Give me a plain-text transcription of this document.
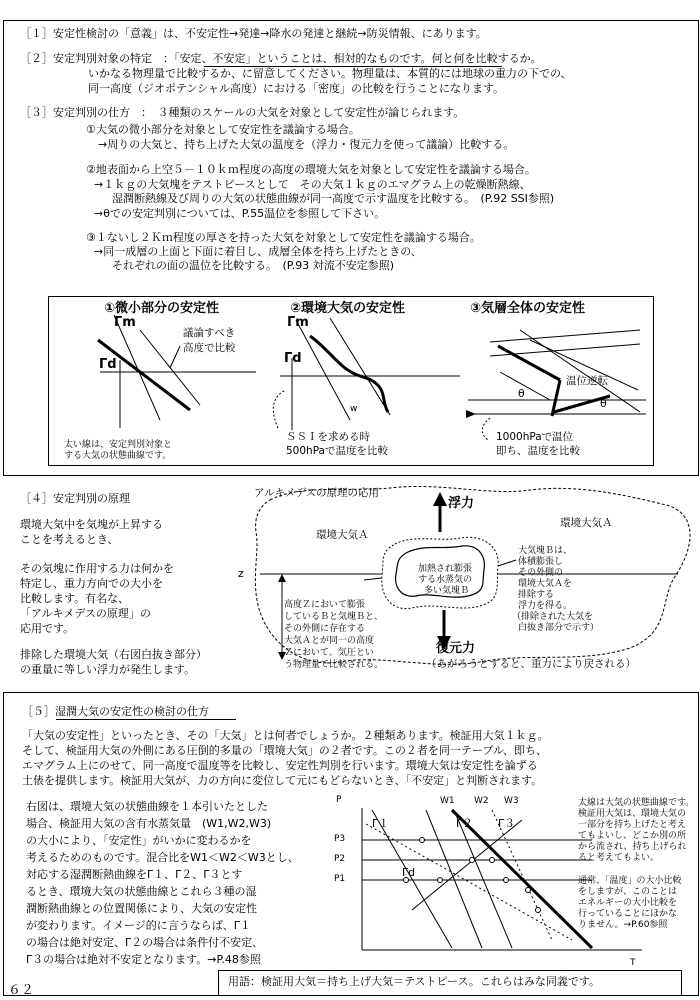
［１］安定性検討の「意義」は、不安定性→発達→降水の発達と継続→防災情報、にあります。
［２］安定判別対象の特定　：「安定、不安定」ということは、相対的なものです。何と何を比較するか。
いかなる物理量で比較するか、に留意してください。物理量は、本質的には地球の重力の下での、
同一高度（ジオポテンシャル高度）における「密度」の比較を行うことになります。
［３］安定判別の仕方　：　３種類のスケールの大気を対象として安定性が論じられます。
①大気の微小部分を対象として安定性を議論する場合。
→周りの大気と、持ち上げた大気の温度を（浮力・復元力を使って議論）比較する。
②地表面から上空５－１０ｋｍ程度の高度の環境大気を対象として安定性を議論する場合。
→１ｋｇの大気塊をテストピースとして　その大気１ｋｇのエマグラム上の乾燥断熱線、
湿潤断熱線及び周りの大気の状態曲線が同一高度で示す温度を比較する。　(P.92 SSI参照)
→θでの安定判別については、P.55温位を参照して下さい。
③１ないし２Ｋｍ程度の厚さを持った大気を対象として安定性を議論する場合。
→同一成層の上面と下面に着目し、成層全体を持ち上げたときの、
それぞれの面の温位を比較する。　(P.93 対流不安定参照)
①微小部分の安定性
Γm
Γd
議論すべき
高度で比較
太い線は、安定判別対象と
する大気の状態曲線です。
②環境大気の安定性
Γm
Γd
w
ＳＳＩを求める時
500hPaで温度を比較
③気層全体の安定性
温位逆転
θ
θ
1000hPaで温位
即ち、温度を比較
［４］安定判別の原理
環境大気中を気塊が上昇する
ことを考えるとき、
その気塊に作用する力は何かを
特定し、重力方向での大小を
比較します。有名な、
「アルキメデスの原理」の
応用です。
排除した環境大気（右図白抜き部分）
の重量に等しい浮力が発生します。
アルキメデスの原理の応用
浮力
環境大気Ａ
環境大気Ａ
z	加熱され膨張
する水蒸気の
多い気塊Ｂ
大気塊Ｂは、
体積膨張し
その外側の
環境大気Ａを
排除する
浮力を得る。
（排除された大気を
白抜き部分で示す）
高度Ｚにおいて膨張
しているＢと気塊Ｂと、
その外側に存在する
大気Ａとが同一の高度
Ｚにおいて、気圧とい
う物理量で比較される。
復元力
（あがろうとすると、重力により戻される）
［５］湿潤大気の安定性の検討の仕方
「大気の安定性」といったとき、その「大気」とは何者でしょうか。２種類あります。検証用大気１ｋｇ。
そして、検証用大気の外側にある圧倒的多量の「環境大気」の２者です。この２者を同一テーブル、即ち、
エマグラム上にのせて、同一高度で温度等を比較し、安定性判別を行います。環境大気は安定性を論ずる
土俵を提供します。検証用大気が、力の方向に変位して元にもどらないとき、「不安定」と判断されます。
右図は、環境大気の状態曲線を１本引いたとした
場合、検証用大気の含有水蒸気量　(W1,W2,W3)
の大小により、「安定性」がいかに変わるかを
考えるためのものです。混合比をW1＜W2＜W3とし、
対応する湿潤断熱曲線をΓ１、Γ２、Γ３とす
るとき、環境大気の状態曲線とこれら３種の湿
潤断熱曲線との位置関係により、大気の安定性
が変わります。イメージ的に言うならば、Γ１
の場合は絶対安定、Γ２の場合は条件付不安定、
Γ３の場合は絶対不安定となります。→P.48参照
P
T
W1 W2 W3
P3
P2
P1
Γ１	Γ２ Γ３
Γd
太線は大気の状態曲線です。
検証用大気は、環境大気の
一部分を持ち上げたと考え
てもよいし、どこか別の所
から流され、持ち上げられ
ると考えてもよい。
通常、「温度」の大小比較
をしますが、このことは
エネルギーの大小比較を
行っていることにほかな
りません。→P.60参照
用語：検証用大気＝持ち上げ大気＝テストピース。これらはみな同義です。
６２
